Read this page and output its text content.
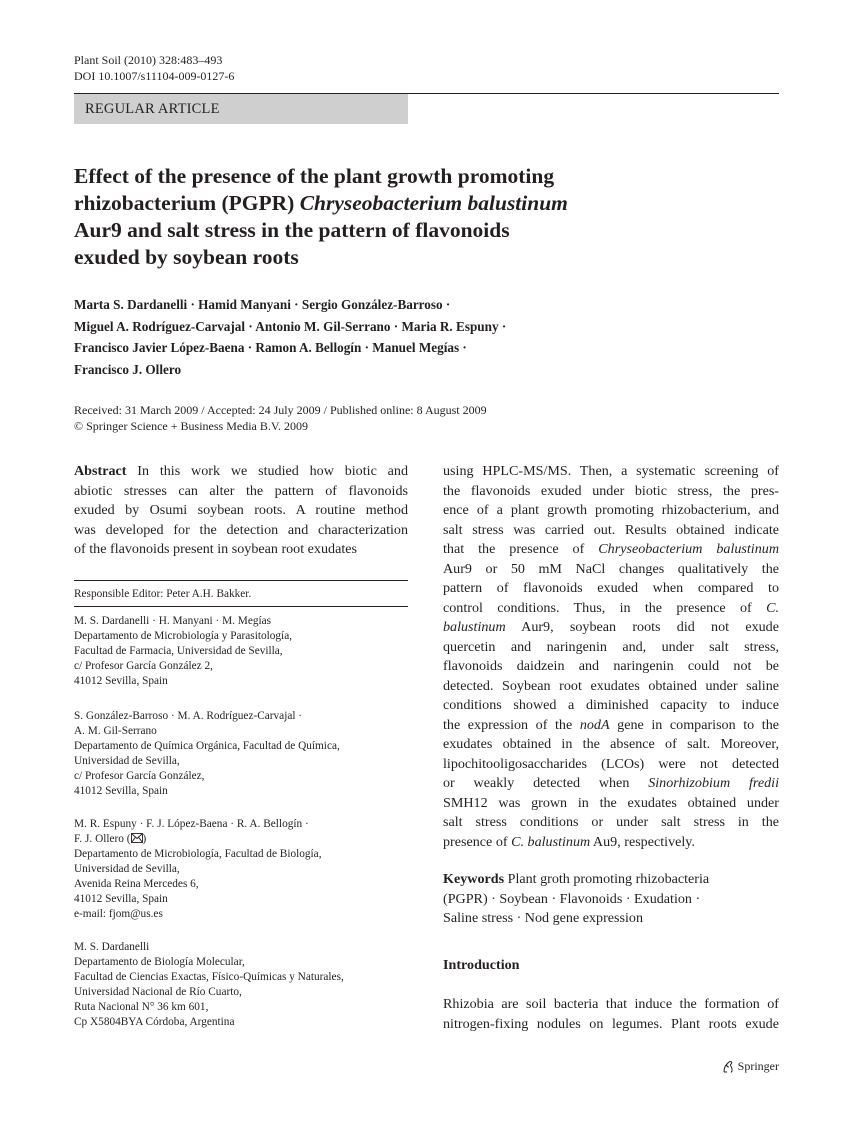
Plant Soil (2010) 328:483–493
DOI 10.1007/s11104-009-0127-6
REGULAR ARTICLE
Effect of the presence of the plant growth promoting
rhizobacterium (PGPR) Chryseobacterium balustinum
Aur9 and salt stress in the pattern of flavonoids
exuded by soybean roots
Marta S. Dardanelli · Hamid Manyani · Sergio González-Barroso ·
Miguel A. Rodríguez-Carvajal · Antonio M. Gil-Serrano · Maria R. Espuny ·
Francisco Javier López-Baena · Ramon A. Bellogín · Manuel Megías ·
Francisco J. Ollero
Received: 31 March 2009 / Accepted: 24 July 2009 / Published online: 8 August 2009
© Springer Science + Business Media B.V. 2009
Abstract In this work we studied how biotic and
abiotic stresses can alter the pattern of flavonoids
exuded by Osumi soybean roots. A routine method
was developed for the detection and characterization
of the flavonoids present in soybean root exudates
Responsible Editor: Peter A.H. Bakker.
M. S. Dardanelli · H. Manyani · M. Megías
Departamento de Microbiología y Parasitología,
Facultad de Farmacia, Universidad de Sevilla,
c/ Profesor García González 2,
41012 Sevilla, Spain
S. González-Barroso · M. A. Rodríguez-Carvajal ·
A. M. Gil-Serrano
Departamento de Química Orgánica, Facultad de Química,
Universidad de Sevilla,
c/ Profesor García González,
41012 Sevilla, Spain
M. R. Espuny · F. J. López-Baena · R. A. Bellogín ·
F. J. Ollero ( )
Departamento de Microbiología, Facultad de Biología,
Universidad de Sevilla,
Avenida Reina Mercedes 6,
41012 Sevilla, Spain
e-mail: fjom@us.es
M. S. Dardanelli
Departamento de Biología Molecular,
Facultad de Ciencias Exactas, Físico-Químicas y Naturales,
Universidad Nacional de Río Cuarto,
Ruta Nacional N° 36 km 601,
Cp X5804BYA Córdoba, Argentina
using HPLC-MS/MS. Then, a systematic screening of
the flavonoids exuded under biotic stress, the pres-
ence of a plant growth promoting rhizobacterium, and
salt stress was carried out. Results obtained indicate
that the presence of Chryseobacterium balustinum
Aur9 or 50 mM NaCl changes qualitatively the
pattern of flavonoids exuded when compared to
control conditions. Thus, in the presence of C.
balustinum Aur9, soybean roots did not exude
quercetin and naringenin and, under salt stress,
flavonoids daidzein and naringenin could not be
detected. Soybean root exudates obtained under saline
conditions showed a diminished capacity to induce
the expression of the nodA gene in comparison to the
exudates obtained in the absence of salt. Moreover,
lipochitooligosaccharides (LCOs) were not detected
or weakly detected when Sinorhizobium fredii
SMH12 was grown in the exudates obtained under
salt stress conditions or under salt stress in the
presence of C. balustinum Au9, respectively.
Keywords Plant groth promoting rhizobacteria
(PGPR) · Soybean · Flavonoids · Exudation ·
Saline stress · Nod gene expression
Introduction
Rhizobia are soil bacteria that induce the formation of
nitrogen-fixing nodules on legumes. Plant roots exude
Springer
